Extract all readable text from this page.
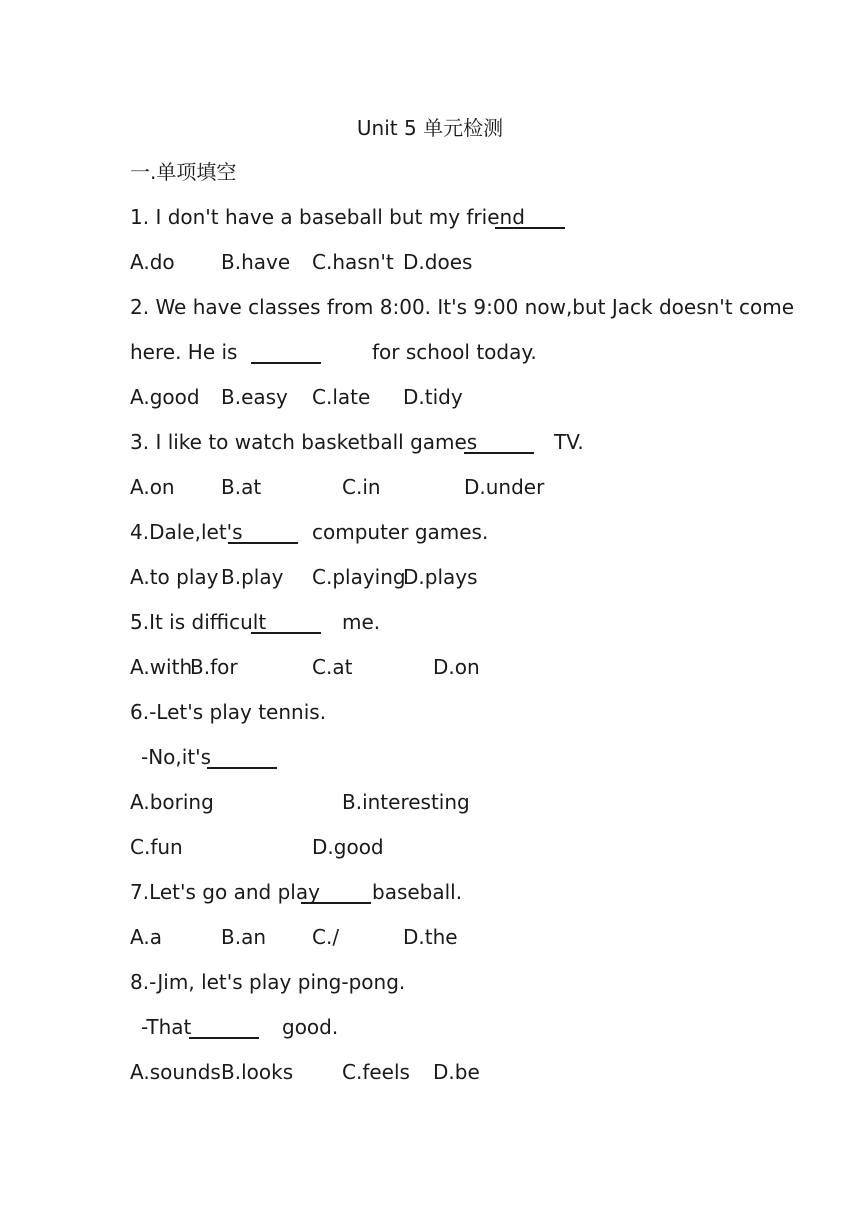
Unit 5 单元检测
一.单项填空
1. I don't have a baseball but my friend
A.do B.have C.hasn't D.does
2. We have classes from 8:00. It's 9:00 now,but Jack doesn't come
here. He is	for school today.
A.good B.easy C.late D.tidy
3. I like to watch basketball games	TV.
A.on B.at	C.in	D.under
4.Dale,let's	computer games.
A.to play B.play C.playing
D.plays
5.It is difficult	me.
A.with
B.for	C.at	D.on
6.-Let's play tennis.
-No,it's
A.boring	B.interesting
C.fun	D.good
7.Let's go and play	baseball.
A.a	B.an C./	D.the
8.-Jim, let's play ping-pong.
-That	good.
A.sounds B.looks C.feels D.be
